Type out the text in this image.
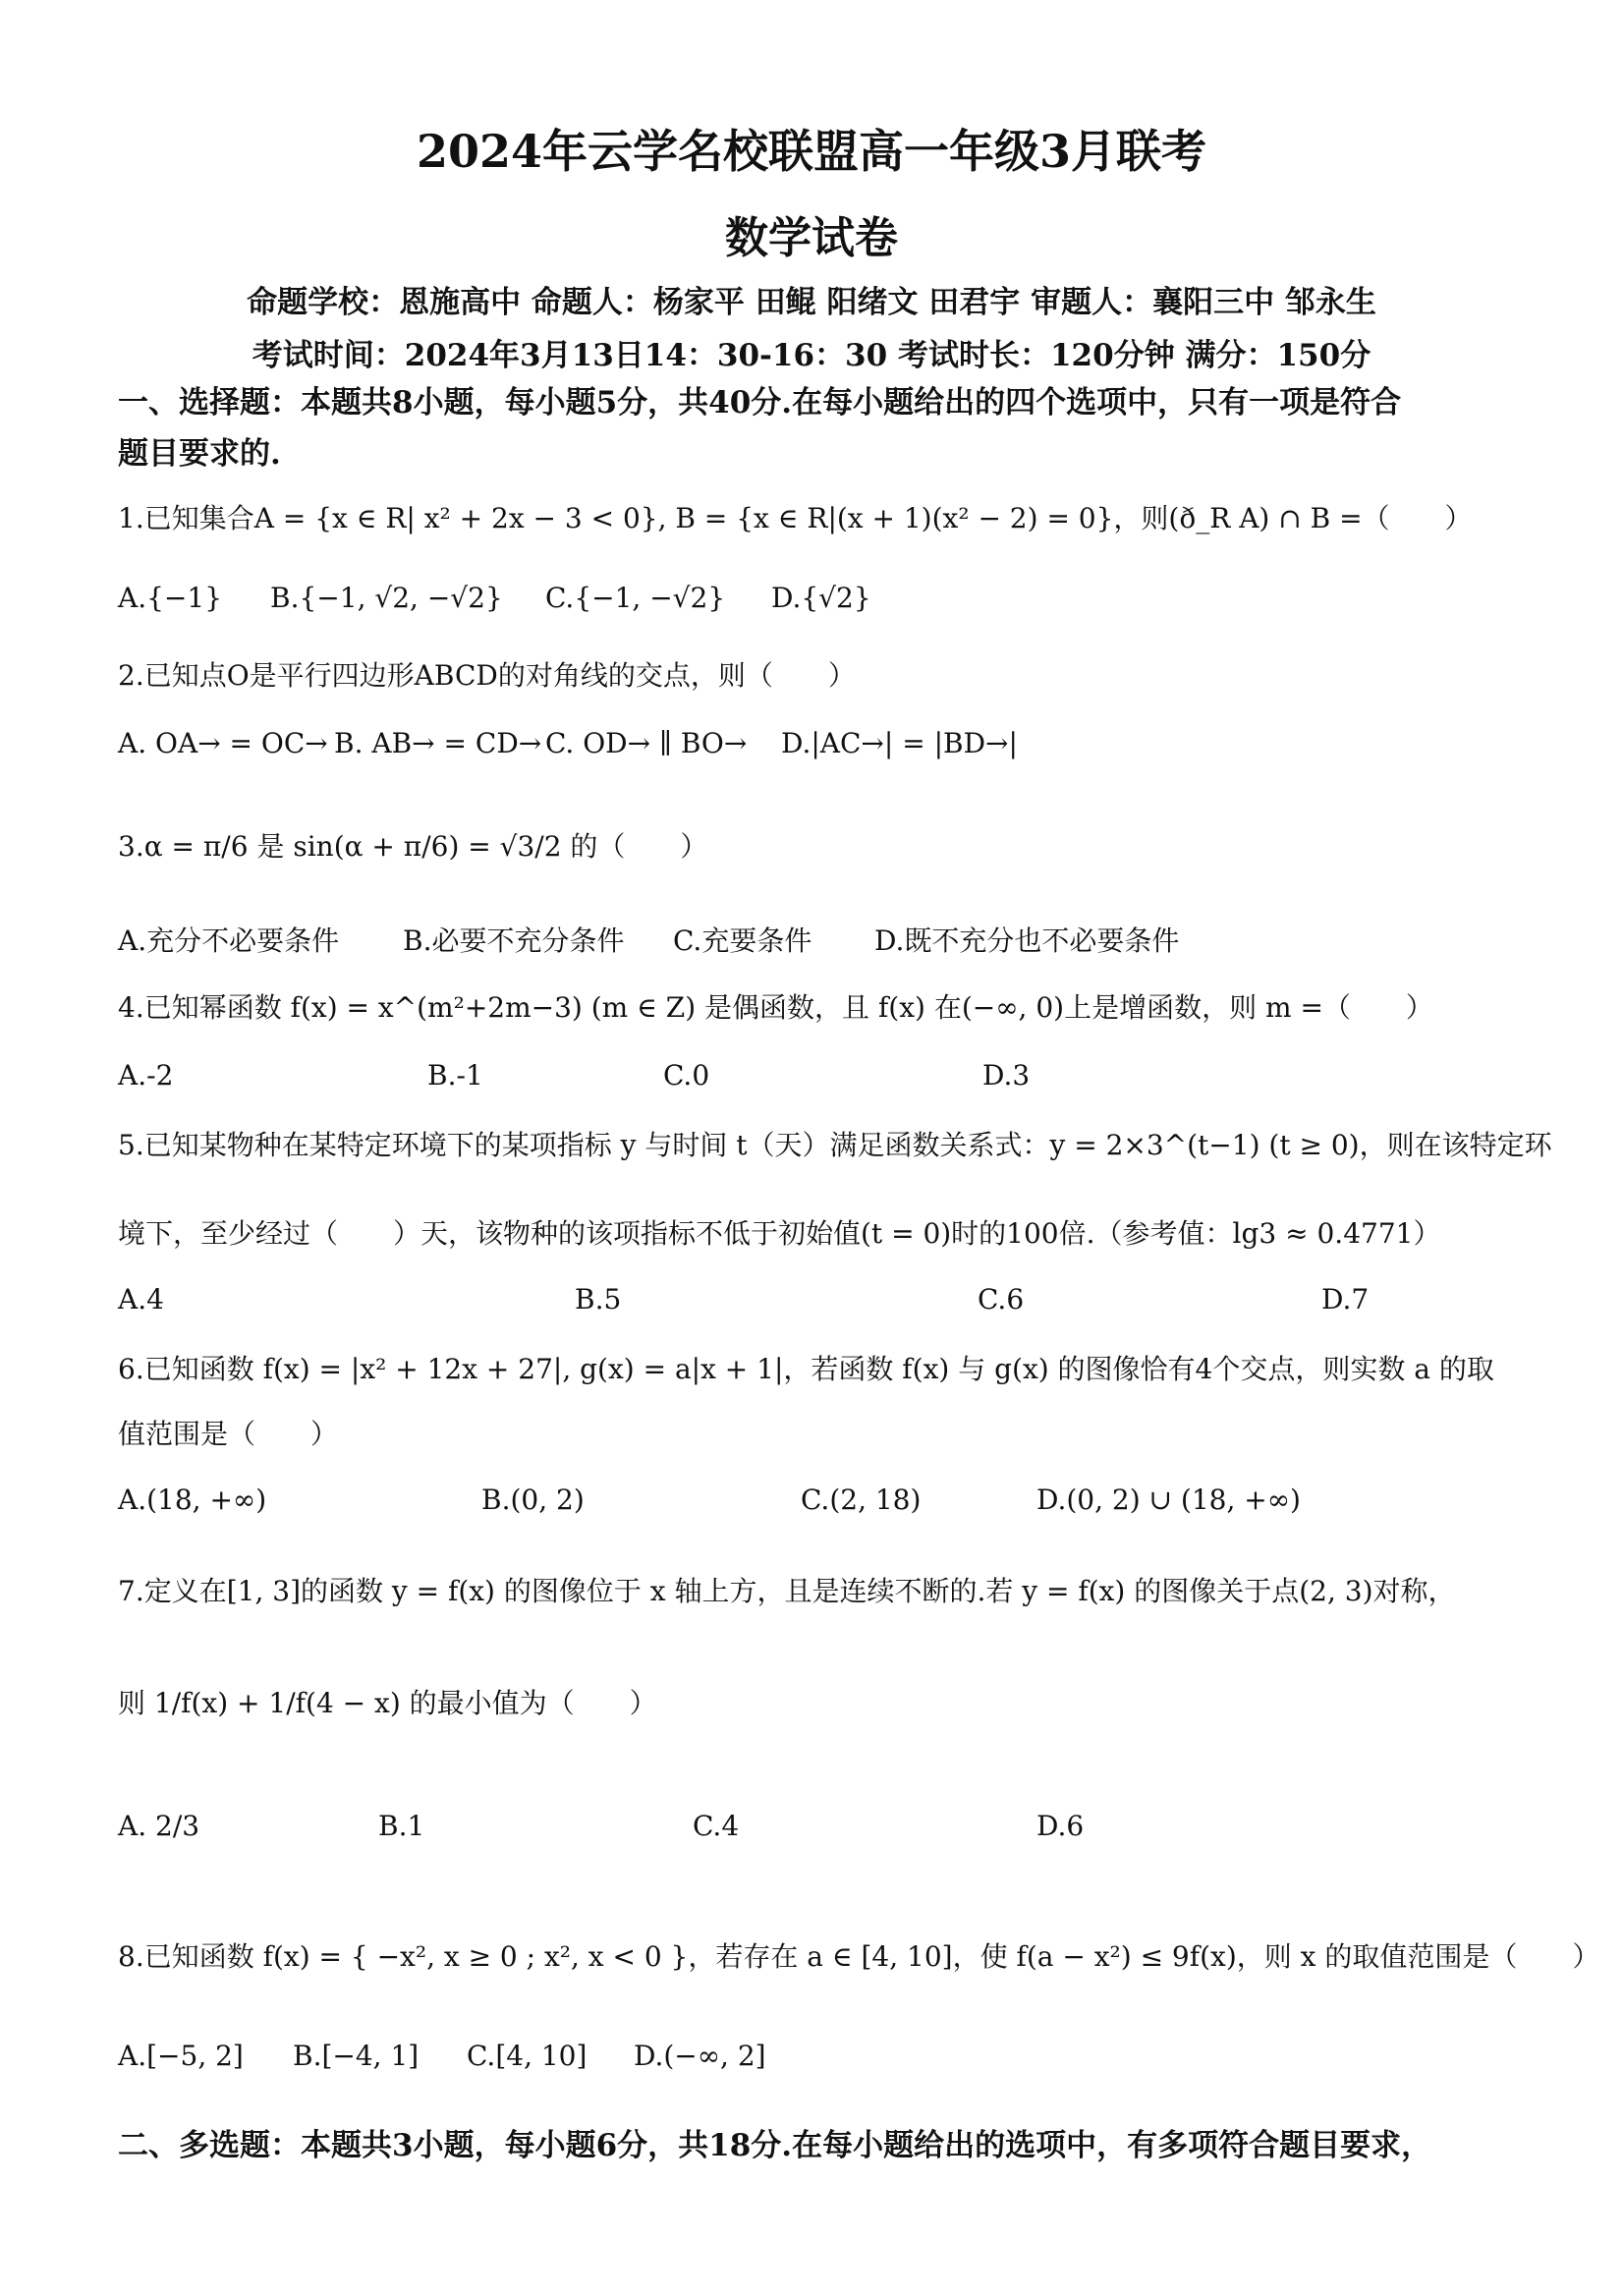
2024年云学名校联盟高一年级3月联考
数学试卷
命题学校：恩施高中 命题人：杨家平 田鲲 阳绪文 田君宇 审题人：襄阳三中 邹永生
考试时间：2024年3月13日14：30-16：30 考试时长：120分钟 满分：150分
一、选择题：本题共8小题，每小题5分，共40分.在每小题给出的四个选项中，只有一项是符合
题目要求的.
1.已知集合A = {x ∈ R| x² + 2x − 3 < 0}, B = {x ∈ R|(x + 1)(x² − 2) = 0}，则(ð_R A) ∩ B =（　　）
A.{−1} B.{−1, √2, −√2} C.{−1, −√2} D.{√2}
2.已知点O是平行四边形ABCD的对角线的交点，则（　　）
A. OA→ = OC→ B. AB→ = CD→ C. OD→ ∥ BO→ D.|AC→| = |BD→|
3.α = π/6 是 sin(α + π/6) = √3/2 的（　　）
A.充分不必要条件 B.必要不充分条件 C.充要条件 D.既不充分也不必要条件
4.已知幂函数 f(x) = x^(m²+2m−3) (m ∈ Z) 是偶函数，且 f(x) 在(−∞, 0)上是增函数，则 m =（　　）
A.-2	B.-1	C.0	D.3
5.已知某物种在某特定环境下的某项指标 y 与时间 t（天）满足函数关系式：y = 2×3^(t−1) (t ≥ 0)，则在该特定环
境下，至少经过（　　）天，该物种的该项指标不低于初始值(t = 0)时的100倍.（参考值：lg3 ≈ 0.4771）
A.4	B.5	C.6	D.7
6.已知函数 f(x) = |x² + 12x + 27|, g(x) = a|x + 1|，若函数 f(x) 与 g(x) 的图像恰有4个交点，则实数 a 的取
值范围是（　　）
A.(18, +∞)	B.(0, 2)	C.(2, 18)	D.(0, 2) ∪ (18, +∞)
7.定义在[1, 3]的函数 y = f(x) 的图像位于 x 轴上方，且是连续不断的.若 y = f(x) 的图像关于点(2, 3)对称，
则 1/f(x) + 1/f(4 − x) 的最小值为（　　）
A. 2/3	B.1	C.4	D.6
8.已知函数 f(x) = { −x², x ≥ 0 ; x², x < 0 }，若存在 a ∈ [4, 10]，使 f(a − x²) ≤ 9f(x)，则 x 的取值范围是（　　）
A.[−5, 2] B.[−4, 1] C.[4, 10] D.(−∞, 2]
二、多选题：本题共3小题，每小题6分，共18分.在每小题给出的选项中，有多项符合题目要求，
